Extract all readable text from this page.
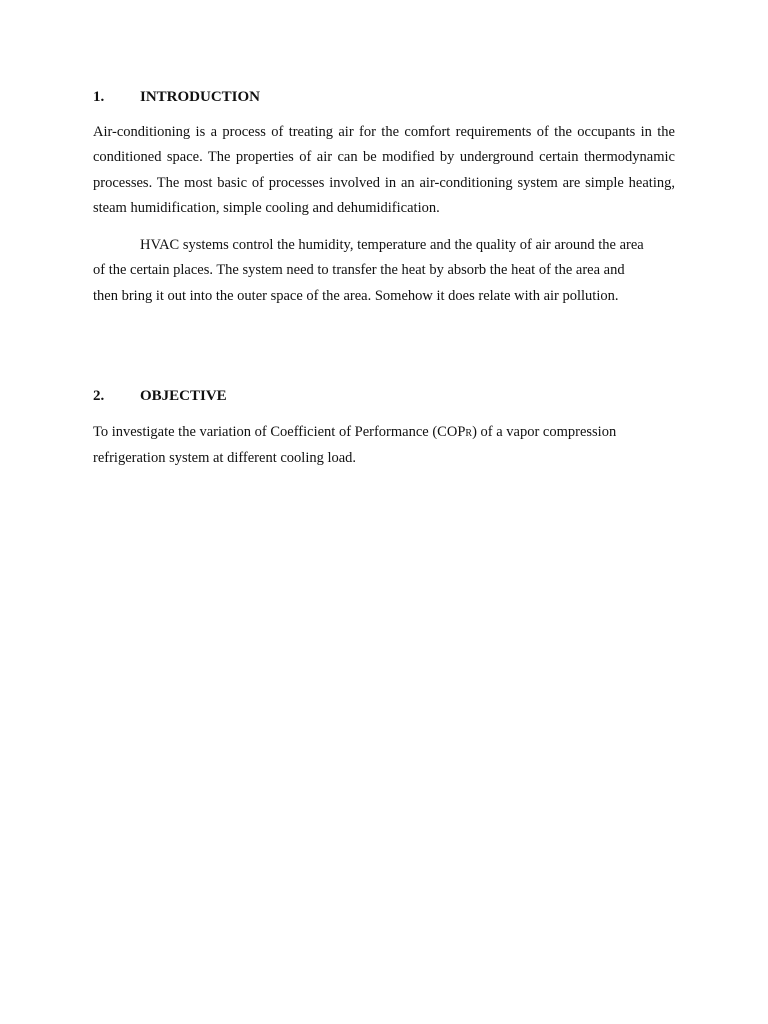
1. INTRODUCTION

Air-conditioning is a process of treating air for the comfort requirements of the occupants in the conditioned space. The properties of air can be modified by underground certain thermodynamic processes. The most basic of processes involved in an air-conditioning system are simple heating, steam humidification, simple cooling and dehumidification.

HVAC systems control the humidity, temperature and the quality of air around the area of the certain places. The system need to transfer the heat by absorb the heat of the area and then bring it out into the outer space of the area. Somehow it does relate with air pollution.

2. OBJECTIVE

To investigate the variation of Coefficient of Performance (COPR) of a vapor compression refrigeration system at different cooling load.
